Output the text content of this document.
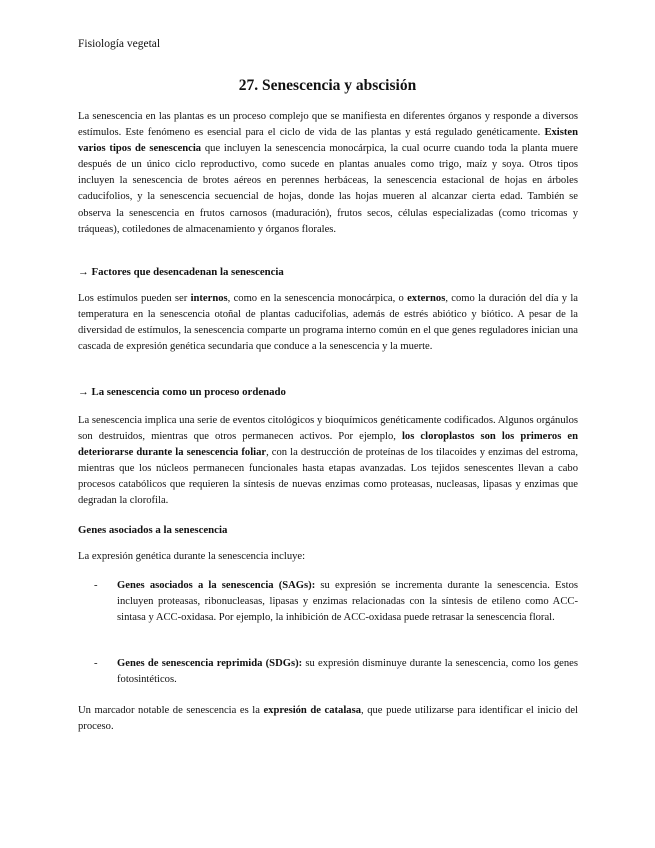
Fisiología vegetal
27. Senescencia y abscisión
La senescencia en las plantas es un proceso complejo que se manifiesta en diferentes órganos y responde a diversos estímulos. Este fenómeno es esencial para el ciclo de vida de las plantas y está regulado genéticamente. Existen varios tipos de senescencia que incluyen la senescencia monocárpica, la cual ocurre cuando toda la planta muere después de un único ciclo reproductivo, como sucede en plantas anuales como trigo, maíz y soya. Otros tipos incluyen la senescencia de brotes aéreos en perennes herbáceas, la senescencia estacional de hojas en árboles caducifolios, y la senescencia secuencial de hojas, donde las hojas mueren al alcanzar cierta edad. También se observa la senescencia en frutos carnosos (maduración), frutos secos, células especializadas (como tricomas y tráqueas), cotiledones de almacenamiento y órganos florales.
→ Factores que desencadenan la senescencia
Los estímulos pueden ser internos, como en la senescencia monocárpica, o externos, como la duración del día y la temperatura en la senescencia otoñal de plantas caducifolias, además de estrés abiótico y biótico. A pesar de la diversidad de estímulos, la senescencia comparte un programa interno común en el que genes reguladores inician una cascada de expresión genética secundaria que conduce a la senescencia y la muerte.
→ La senescencia como un proceso ordenado
La senescencia implica una serie de eventos citológicos y bioquímicos genéticamente codificados. Algunos orgánulos son destruidos, mientras que otros permanecen activos. Por ejemplo, los cloroplastos son los primeros en deteriorarse durante la senescencia foliar, con la destrucción de proteínas de los tilacoides y enzimas del estroma, mientras que los núcleos permanecen funcionales hasta etapas avanzadas. Los tejidos senescentes llevan a cabo procesos catabólicos que requieren la síntesis de nuevas enzimas como proteasas, nucleasas, lipasas y enzimas que degradan la clorofila.
Genes asociados a la senescencia
La expresión genética durante la senescencia incluye:
- Genes asociados a la senescencia (SAGs): su expresión se incrementa durante la senescencia. Estos incluyen proteasas, ribonucleasas, lipasas y enzimas relacionadas con la síntesis de etileno como ACC-sintasa y ACC-oxidasa. Por ejemplo, la inhibición de ACC-oxidasa puede retrasar la senescencia floral.
- Genes de senescencia reprimida (SDGs): su expresión disminuye durante la senescencia, como los genes fotosintéticos.
Un marcador notable de senescencia es la expresión de catalasa, que puede utilizarse para identificar el inicio del proceso.
